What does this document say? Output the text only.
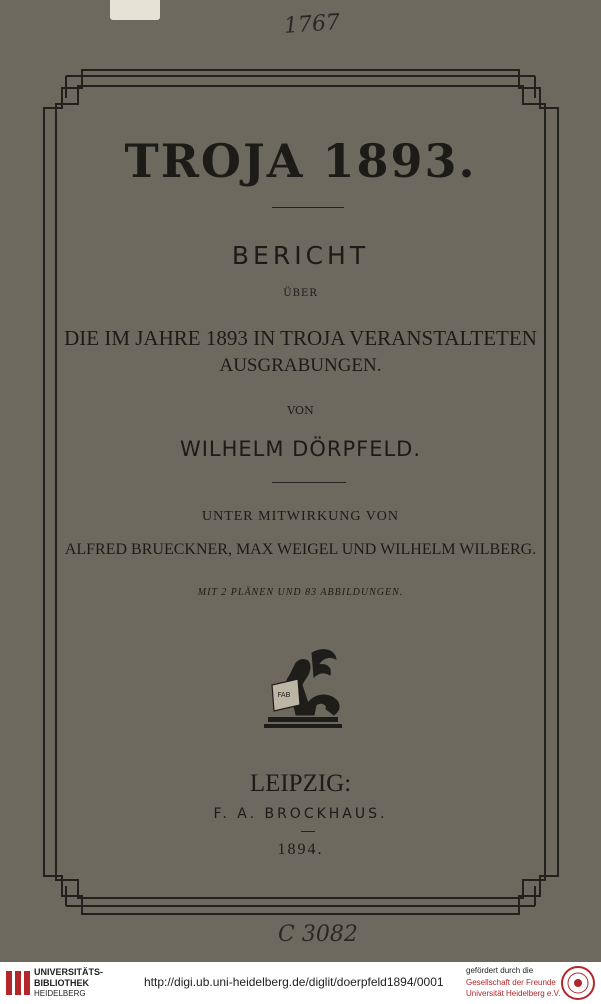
1767
TROJA 1893.
BERICHT
ÜBER
DIE IM JAHRE 1893 IN TROJA VERANSTALTETEN
AUSGRABUNGEN.
VON
WILHELM DÖRPFELD.
UNTER MITWIRKUNG VON
ALFRED BRUECKNER, MAX WEIGEL UND WILHELM WILBERG.
MIT 2 PLÄNEN UND 83 ABBILDUNGEN.
FAB
LEIPZIG:
F. A. BROCKHAUS.
1894.
C 3082
UNIVERSITÄTS-
BIBLIOTHEK
HEIDELBERG
http://digi.ub.uni-heidelberg.de/diglit/doerpfeld1894/0001
gefördert durch die
Gesellschaft der Freunde
Universität Heidelberg e.V.
